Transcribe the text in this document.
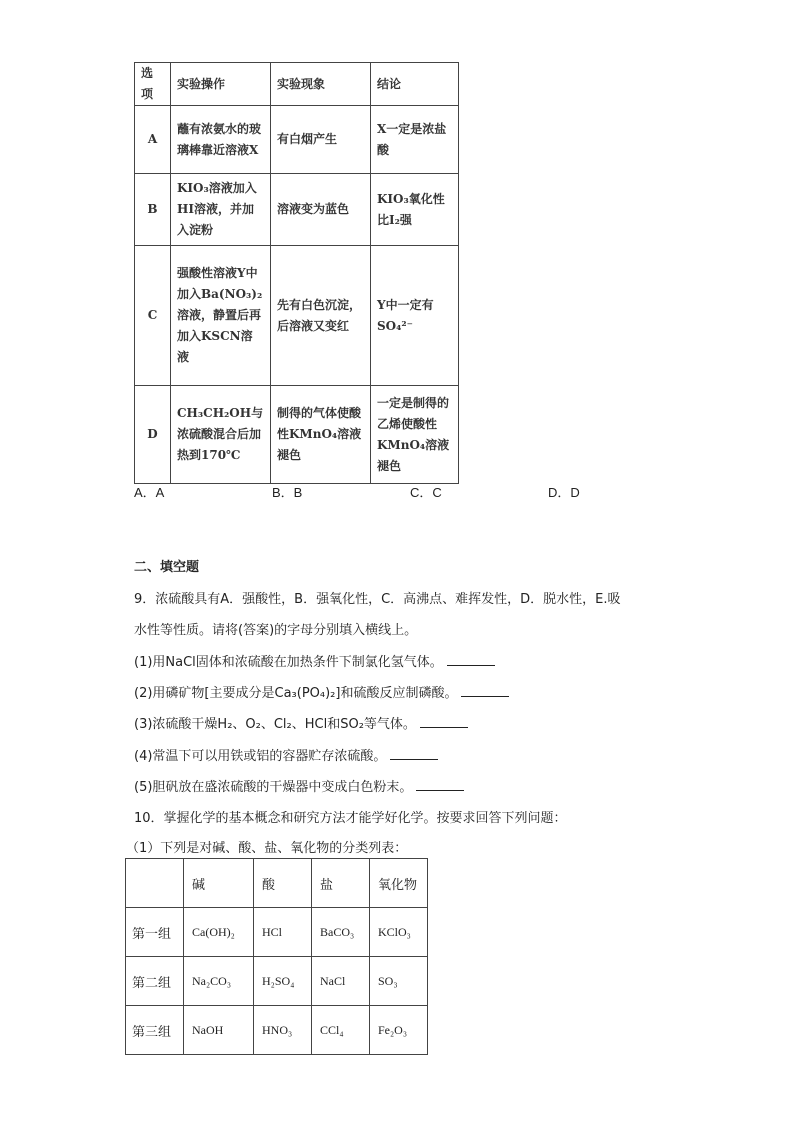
选项	实验操作	实验现象	结论
A	蘸有浓氨水的玻璃棒靠近溶液X	有白烟产生	X一定是浓盐酸
B	KIO₃溶液加入HI溶液，并加入淀粉	溶液变为蓝色	KIO₃氧化性比I₂强
C	强酸性溶液Y中加入Ba(NO₃)₂溶液，静置后再加入KSCN溶液	先有白色沉淀，后溶液又变红	Y中一定有SO₄²⁻
D	CH₃CH₂OH与浓硫酸混合后加热到170℃	制得的气体使酸性KMnO₄溶液褪色	一定是制得的乙烯使酸性KMnO₄溶液褪色
A．A	B．B	C．C	D．D
二、填空题
9．浓硫酸具有A．强酸性，B．强氧化性，C．高沸点、难挥发性，D．脱水性，E.吸
水性等性质。请将(答案)的字母分别填入横线上。
(1)用NaCl固体和浓硫酸在加热条件下制氯化氢气体。
(2)用磷矿物[主要成分是Ca₃(PO₄)₂]和硫酸反应制磷酸。
(3)浓硫酸干燥H₂、O₂、Cl₂、HCl和SO₂等气体。
(4)常温下可以用铁或铝的容器贮存浓硫酸。
(5)胆矾放在盛浓硫酸的干燥器中变成白色粉末。
10．掌握化学的基本概念和研究方法才能学好化学。按要求回答下列问题：
（1）下列是对碱、酸、盐、氧化物的分类列表：
	碱	酸	盐	氧化物
第一组	Ca(OH)₂	HCl	BaCO₃	KClO₃
第二组	Na₂CO₃	H₂SO₄	NaCl	SO₃
第三组	NaOH	HNO₃	CCl₄	Fe₂O₃
